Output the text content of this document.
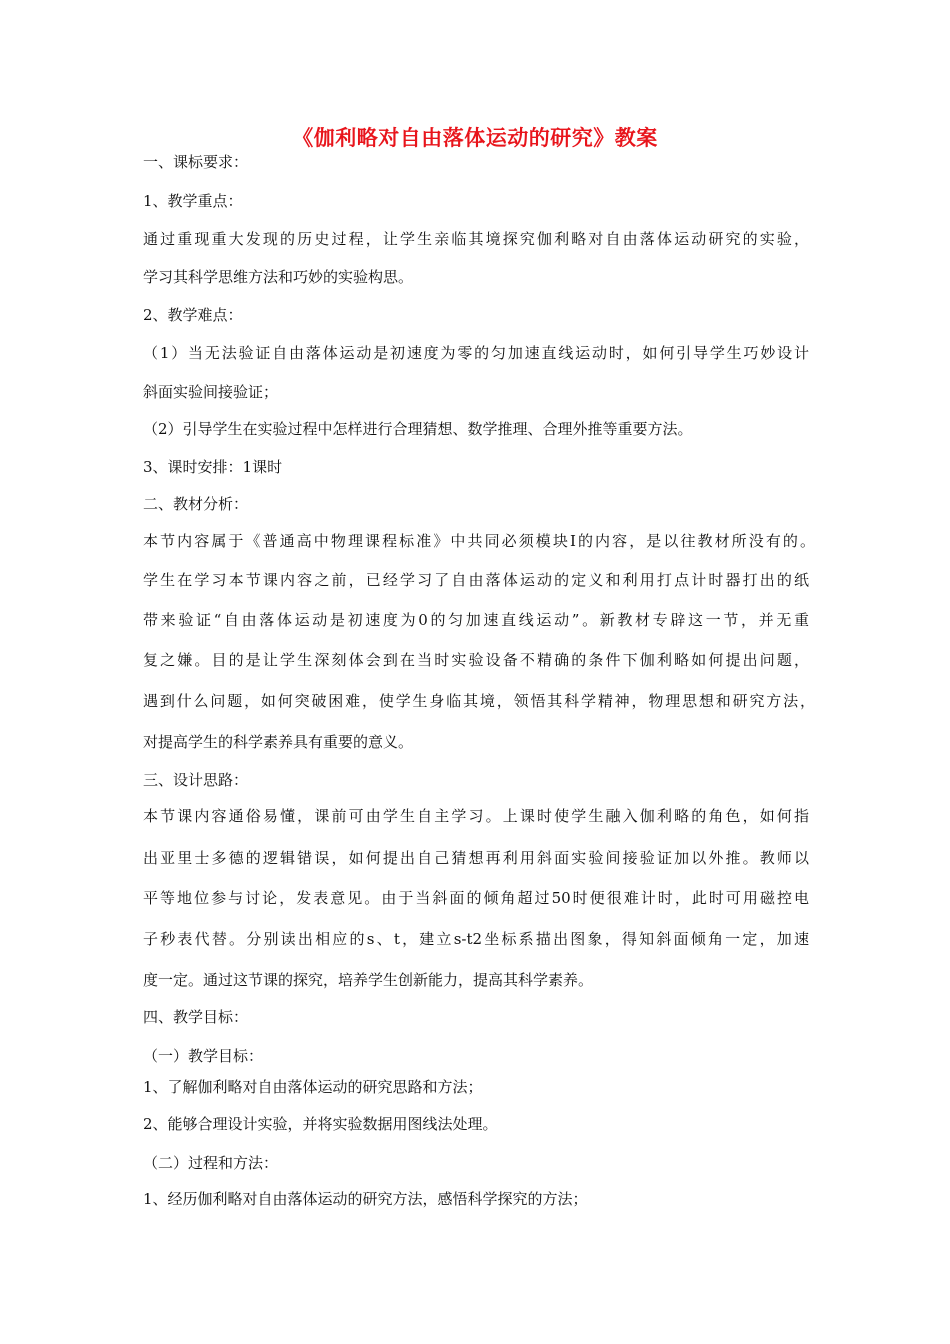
《伽利略对自由落体运动的研究》教案
一、课标要求：
1、教学重点：
通过重现重大发现的历史过程，让学生亲临其境探究伽利略对自由落体运动研究的实验，
学习其科学思维方法和巧妙的实验构思。
2、教学难点：
（1）当无法验证自由落体运动是初速度为零的匀加速直线运动时，如何引导学生巧妙设计
斜面实验间接验证；
（2）引导学生在实验过程中怎样进行合理猜想、数学推理、合理外推等重要方法。
3、课时安排：1课时
二、教材分析：
本节内容属于《普通高中物理课程标准》中共同必须模块Ⅰ的内容，是以往教材所没有的。
学生在学习本节课内容之前，已经学习了自由落体运动的定义和利用打点计时器打出的纸
带来验证“自由落体运动是初速度为0的匀加速直线运动”。新教材专辟这一节，并无重
复之嫌。目的是让学生深刻体会到在当时实验设备不精确的条件下伽利略如何提出问题，
遇到什么问题，如何突破困难，使学生身临其境，领悟其科学精神，物理思想和研究方法，
对提高学生的科学素养具有重要的意义。
三、设计思路：
本节课内容通俗易懂，课前可由学生自主学习。上课时使学生融入伽利略的角色，如何指
出亚里士多德的逻辑错误，如何提出自己猜想再利用斜面实验间接验证加以外推。教师以
平等地位参与讨论，发表意见。由于当斜面的倾角超过50时便很难计时，此时可用磁控电
子秒表代替。分别读出相应的s、t，建立s-t2坐标系描出图象，得知斜面倾角一定，加速
度一定。通过这节课的探究，培养学生创新能力，提高其科学素养。
四、教学目标：
（一）教学目标：
1、了解伽利略对自由落体运动的研究思路和方法；
2、能够合理设计实验，并将实验数据用图线法处理。
（二）过程和方法：
1、经历伽利略对自由落体运动的研究方法，感悟科学探究的方法；
